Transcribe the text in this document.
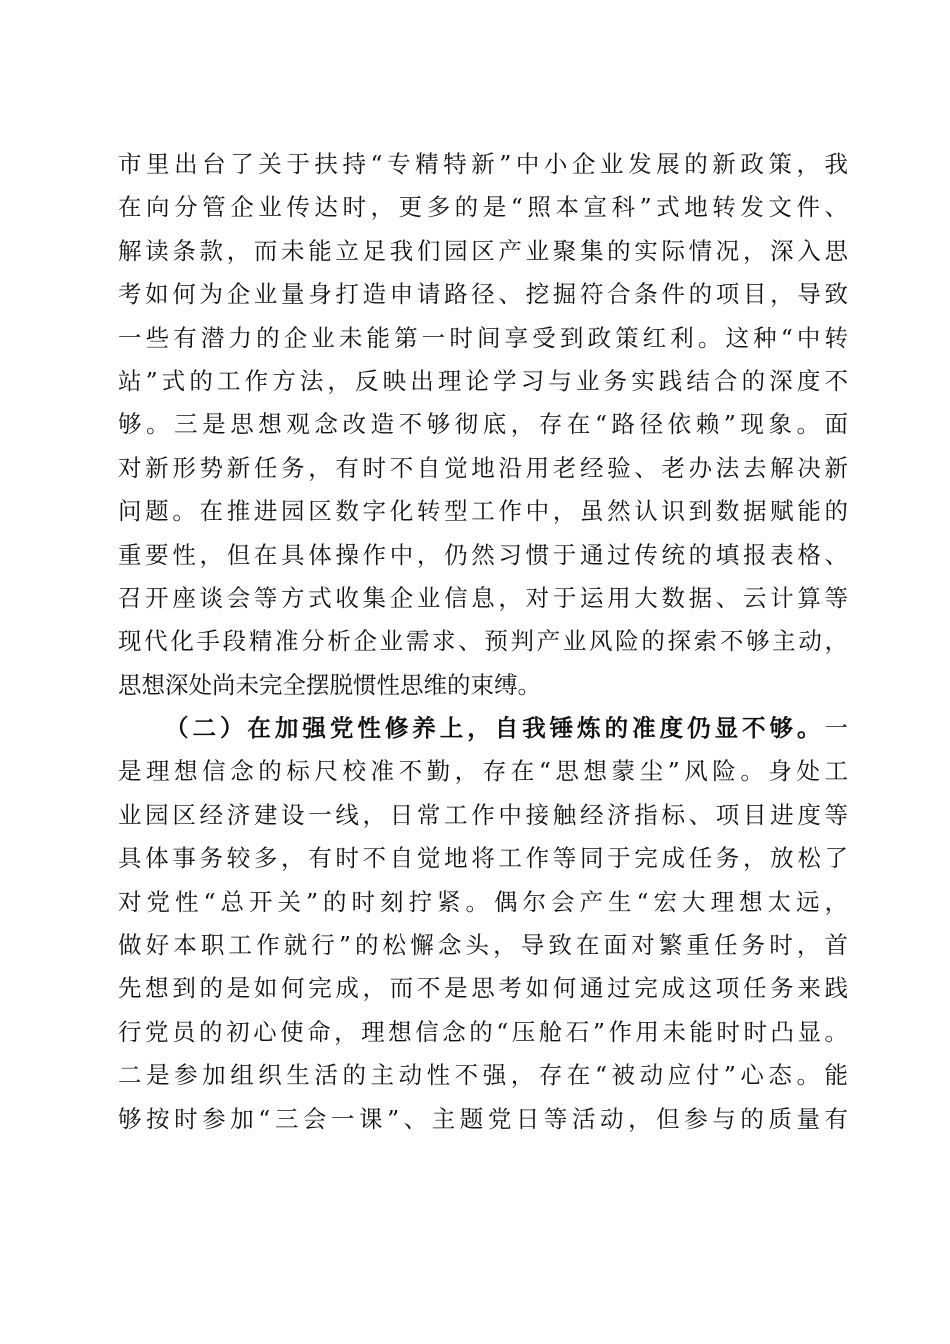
市里出台了关于扶持“专精特新”中小企业发展的新政策，我
在向分管企业传达时，更多的是“照本宣科”式地转发文件、
解读条款，而未能立足我们园区产业聚集的实际情况，深入思
考如何为企业量身打造申请路径、挖掘符合条件的项目，导致
一些有潜力的企业未能第一时间享受到政策红利。这种“中转
站”式的工作方法，反映出理论学习与业务实践结合的深度不
够。三是思想观念改造不够彻底，存在“路径依赖”现象。面
对新形势新任务，有时不自觉地沿用老经验、老办法去解决新
问题。在推进园区数字化转型工作中，虽然认识到数据赋能的
重要性，但在具体操作中，仍然习惯于通过传统的填报表格、
召开座谈会等方式收集企业信息，对于运用大数据、云计算等
现代化手段精准分析企业需求、预判产业风险的探索不够主动，
思想深处尚未完全摆脱惯性思维的束缚。
（二）在加强党性修养上，自我锤炼的准度仍显不够。一
是理想信念的标尺校准不勤，存在“思想蒙尘”风险。身处工
业园区经济建设一线，日常工作中接触经济指标、项目进度等
具体事务较多，有时不自觉地将工作等同于完成任务，放松了
对党性“总开关”的时刻拧紧。偶尔会产生“宏大理想太远，
做好本职工作就行”的松懈念头，导致在面对繁重任务时，首
先想到的是如何完成，而不是思考如何通过完成这项任务来践
行党员的初心使命，理想信念的“压舱石”作用未能时时凸显。
二是参加组织生活的主动性不强，存在“被动应付”心态。能
够按时参加“三会一课”、主题党日等活动，但参与的质量有
